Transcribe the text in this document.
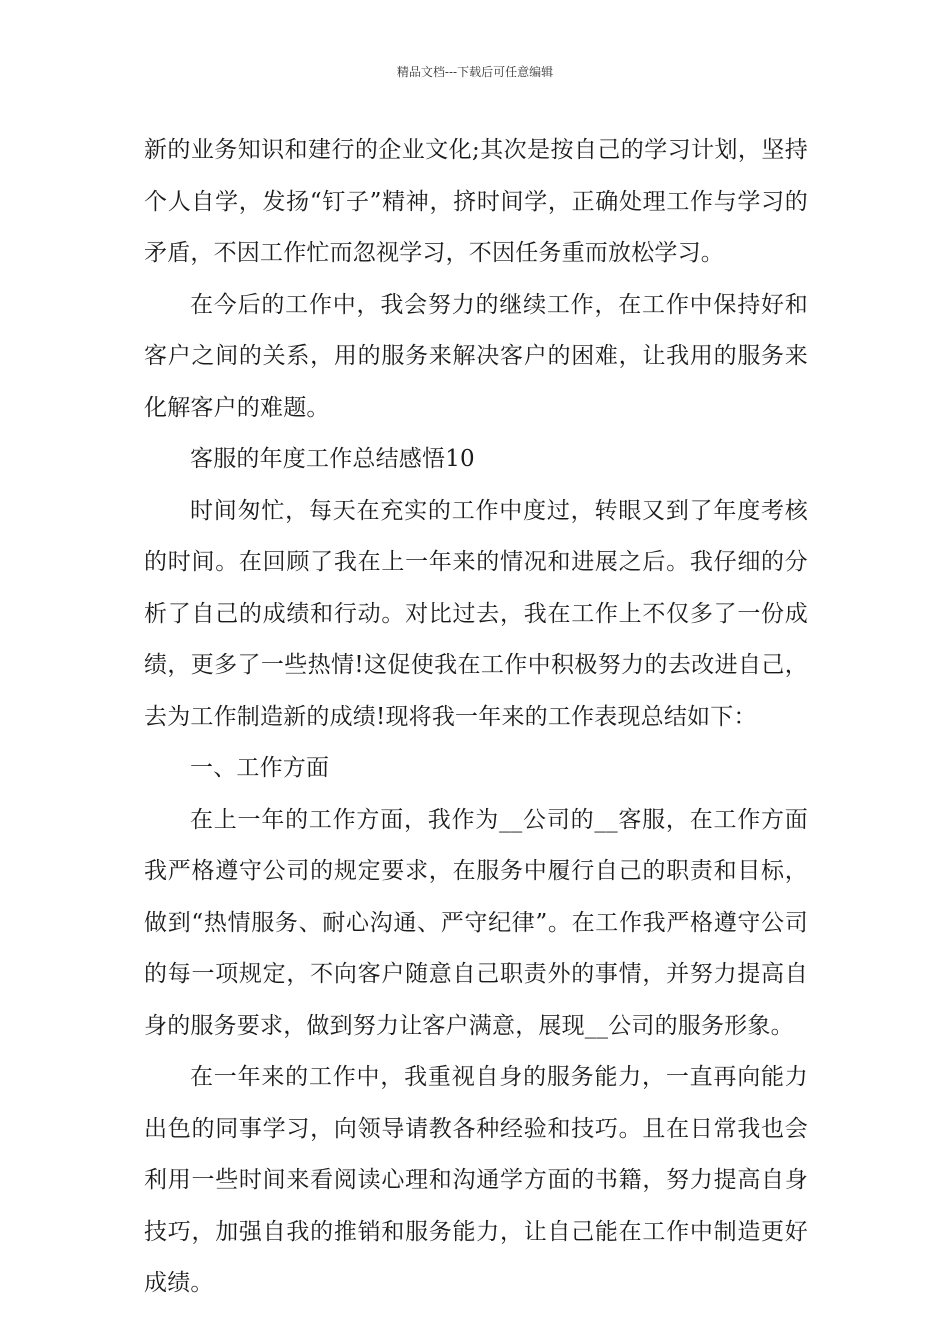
精品文档---下载后可任意编辑

新的业务知识和建行的企业文化;其次是按自己的学习计划，坚持个人自学，发扬“钉子”精神，挤时间学，正确处理工作与学习的矛盾，不因工作忙而忽视学习，不因任务重而放松学习。

在今后的工作中，我会努力的继续工作，在工作中保持好和客户之间的关系，用的服务来解决客户的困难，让我用的服务来化解客户的难题。

客服的年度工作总结感悟10

时间匆忙，每天在充实的工作中度过，转眼又到了年度考核的时间。在回顾了我在上一年来的情况和进展之后。我仔细的分析了自己的成绩和行动。对比过去，我在工作上不仅多了一份成绩，更多了一些热情!这促使我在工作中积极努力的去改进自己，去为工作制造新的成绩!现将我一年来的工作表现总结如下：

一、工作方面

在上一年的工作方面，我作为__公司的__客服，在工作方面我严格遵守公司的规定要求，在服务中履行自己的职责和目标，做到“热情服务、耐心沟通、严守纪律”。在工作我严格遵守公司的每一项规定，不向客户随意自己职责外的事情，并努力提高自身的服务要求，做到努力让客户满意，展现__公司的服务形象。

在一年来的工作中，我重视自身的服务能力，一直再向能力出色的同事学习，向领导请教各种经验和技巧。且在日常我也会利用一些时间来看阅读心理和沟通学方面的书籍，努力提高自身技巧，加强自我的推销和服务能力，让自己能在工作中制造更好成绩。
